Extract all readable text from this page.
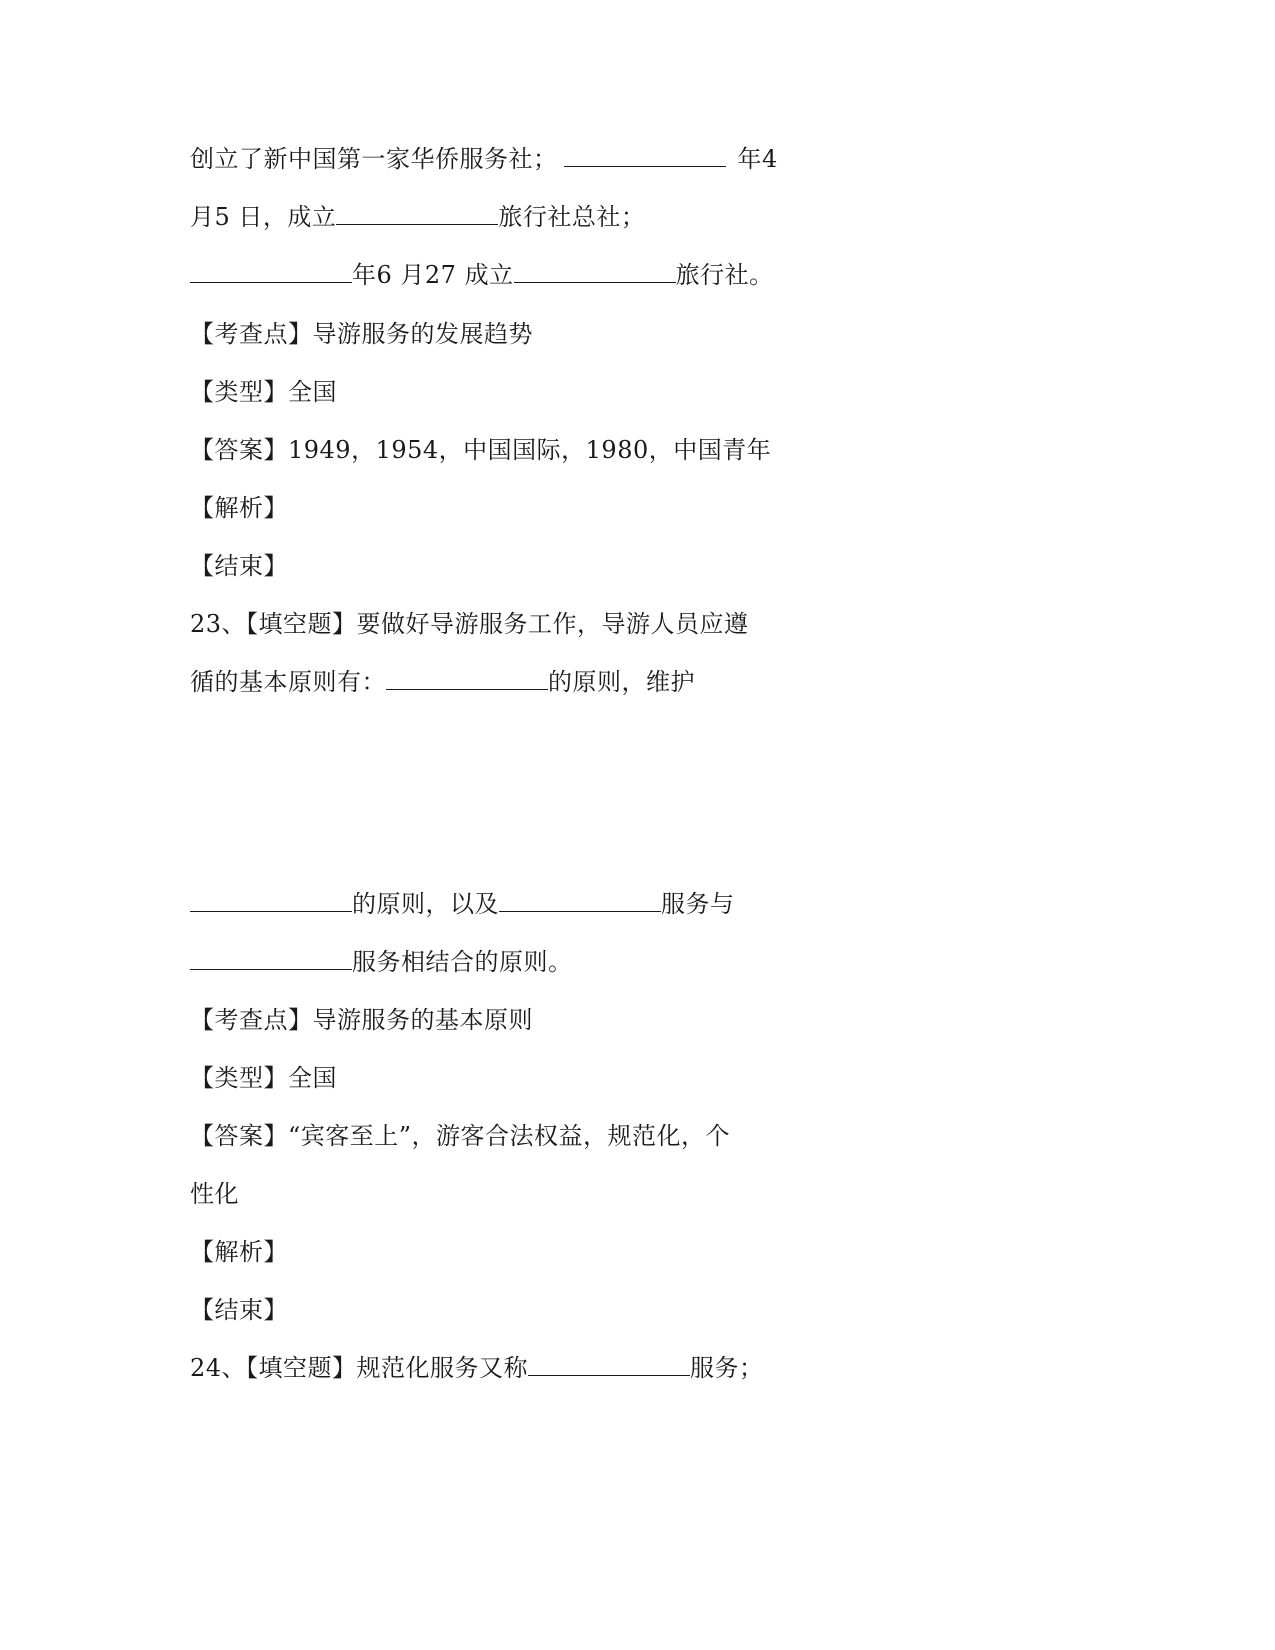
创立了新中国第一家华侨服务社；	年4
月5 日，成立	旅行社总社；
年6 月27 成立	旅行社。
【考查点】导游服务的发展趋势
【类型】全国
【答案】1949，1954，中国国际，1980，中国青年
【解析】
【结束】
23、【填空题】要做好导游服务工作，导游人员应遵
循的基本原则有：	的原则，维护
的原则，以及	服务与
服务相结合的原则。
【考查点】导游服务的基本原则
【类型】全国
【答案】“宾客至上”，游客合法权益，规范化，个
性化
【解析】
【结束】
24、【填空题】规范化服务又称	服务；
